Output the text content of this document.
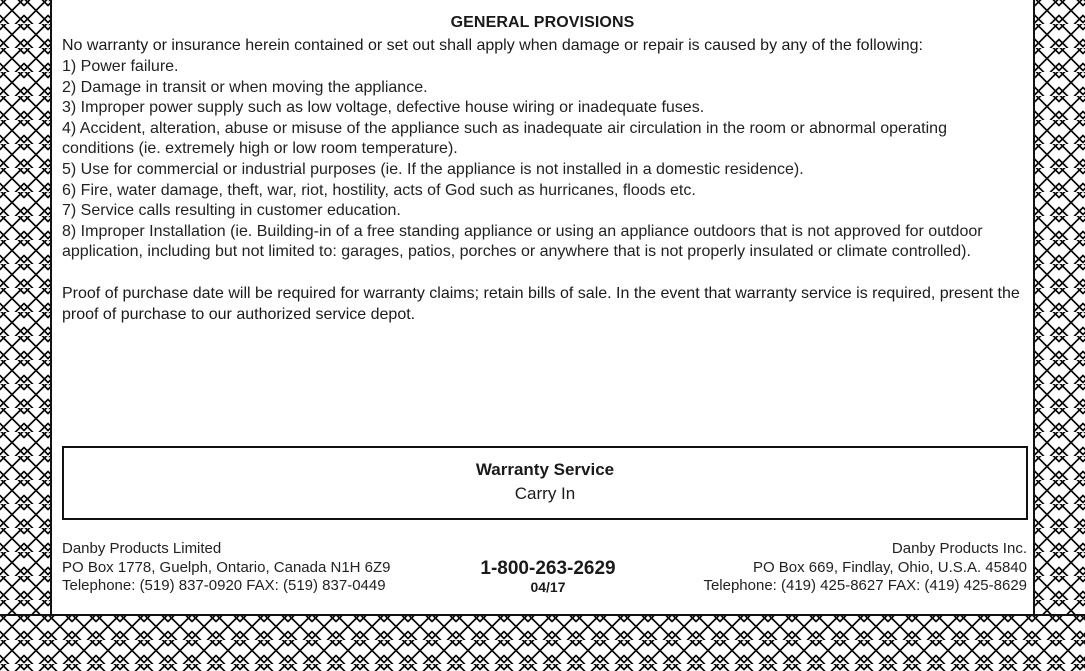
GENERAL PROVISIONS
No warranty or insurance herein contained or set out shall apply when damage or repair is caused by any of the following:
1) Power failure.
2) Damage in transit or when moving the appliance.
3) Improper power supply such as low voltage, defective house wiring or inadequate fuses.
4) Accident, alteration, abuse or misuse of the appliance such as inadequate air circulation in the room or abnormal operating
conditions (ie. extremely high or low room temperature).
5) Use for commercial or industrial purposes (ie. If the appliance is not installed in a domestic residence).
6) Fire, water damage, theft, war, riot, hostility, acts of God such as hurricanes, floods etc.
7) Service calls resulting in customer education.
8) Improper Installation (ie. Building-in of a free standing appliance or using an appliance outdoors that is not approved for outdoor
application, including but not limited to: garages, patios, porches or anywhere that is not properly insulated or climate controlled).
Proof of purchase date will be required for warranty claims; retain bills of sale. In the event that warranty service is required, present the proof of purchase to our authorized service depot.
Warranty Service
Carry In
Danby Products Limited
PO Box 1778, Guelph, Ontario, Canada N1H 6Z9
Telephone: (519) 837-0920 FAX: (519) 837-0449
1-800-263-2629
04/17
Danby Products Inc.
PO Box 669, Findlay, Ohio, U.S.A. 45840
Telephone: (419) 425-8627 FAX: (419) 425-8629
